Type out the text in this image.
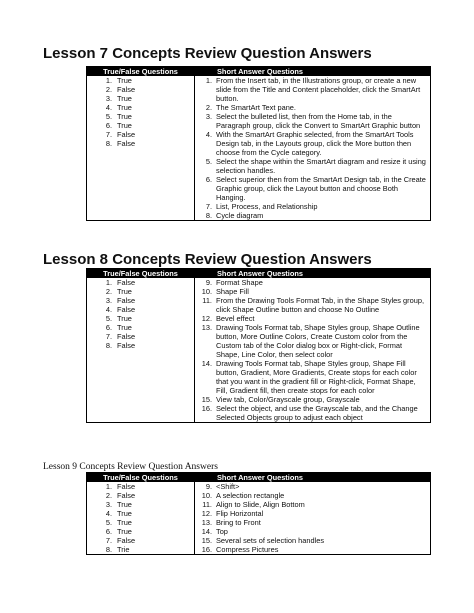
Lesson 7 Concepts Review Question Answers
True/False Questions
1. True
2. False
3. True
4. True
5. True
6. True
7. False
8. False
Short Answer Questions
1. From the Insert tab, in the Illustrations group, or create a new slide from the Title and Content placeholder, click the SmartArt button.
2. The SmartArt Text pane.
3. Select the bulleted list, then from the Home tab, in the Paragraph group, click the Convert to SmartArt Graphic button
4. With the SmartArt Graphic selected, from the SmartArt Tools Design tab, in the Layouts group, click the More button then choose from the Cycle category.
5. Select the shape within the SmartArt diagram and resize it using selection handles.
6. Select superior then from the SmartArt Design tab, in the Create Graphic group, click the Layout button and choose Both Hanging.
7. List, Process, and Relationship
8. Cycle diagram
Lesson 8 Concepts Review Question Answers
True/False Questions
1. False
2. True
3. False
4. False
5. True
6. True
7. False
8. False
Short Answer Questions
9. Format Shape
10. Shape Fill
11. From the Drawing Tools Format Tab, in the Shape Styles group, click Shape Outline button and choose No Outline
12. Bevel effect
13. Drawing Tools Format tab, Shape Styles group, Shape Outline button, More Outline Colors, Create Custom color from the Custom tab of the Color dialog box or Right-click, Format Shape, Line Color, then select color
14. Drawing Tools Format tab, Shape Styles group, Shape Fill button, Gradient, More Gradients, Create stops for each color that you want in the gradient fill or Right-click, Format Shape, Fill, Gradient fill, then create stops for each color
15. View tab, Color/Grayscale group, Grayscale
16. Select the object, and use the Grayscale tab, and the Change Selected Objects group to adjust each object
Lesson 9 Concepts Review Question Answers
True/False Questions
1. False
2. False
3. True
4. True
5. True
6. True
7. False
8. Trie
Short Answer Questions
9. <Shift>
10. A selection rectangle
11. Align to Slide, Align Bottom
12. Flip Horizontal
13. Bring to Front
14. Top
15. Several sets of selection handles
16. Compress Pictures
